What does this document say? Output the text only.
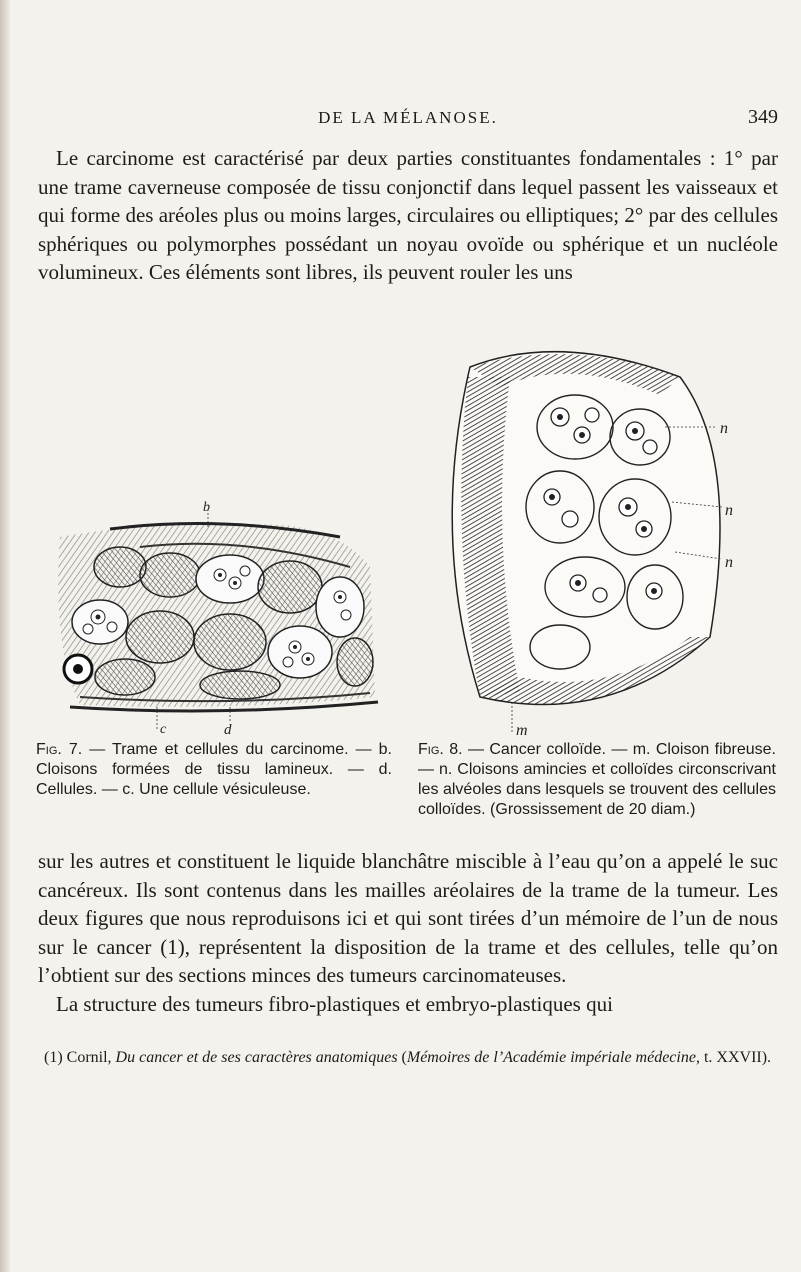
DE LA MÉLANOSE.	349

Le carcinome est caractérisé par deux parties constituantes fondamentales : 1° par une trame caverneuse composée de tissu conjonctif dans lequel passent les vaisseaux et qui forme des aréoles plus ou moins larges, circulaires ou elliptiques; 2° par des cellules sphériques ou polymorphes possédant un noyau ovoïde ou sphérique et un nucléole volumineux. Ces éléments sont libres, ils peuvent rouler les uns

b
c	d
n
n
n
m

Fig. 7. — Trame et cellules du carcinome. — b. Cloisons formées de tissu lamineux. — d. Cellules. — c. Une cellule vésiculeuse.

Fig. 8. — Cancer colloïde. — m. Cloison fibreuse. — n. Cloisons amincies et colloïdes circonscrivant les alvéoles dans lesquels se trouvent des cellules colloïdes. (Grossissement de 20 diam.)

sur les autres et constituent le liquide blanchâtre miscible à l’eau qu’on a appelé le suc cancéreux. Ils sont contenus dans les mailles aréolaires de la trame de la tumeur. Les deux figures que nous reproduisons ici et qui sont tirées d’un mémoire de l’un de nous sur le cancer (1), représentent la disposition de la trame et des cellules, telle qu’on l’obtient sur des sections minces des tumeurs carcinomateuses.

La structure des tumeurs fibro-plastiques et embryo-plastiques qui

(1) Cornil, Du cancer et de ses caractères anatomiques (Mémoires de l’Académie impériale médecine, t. XXVII).
